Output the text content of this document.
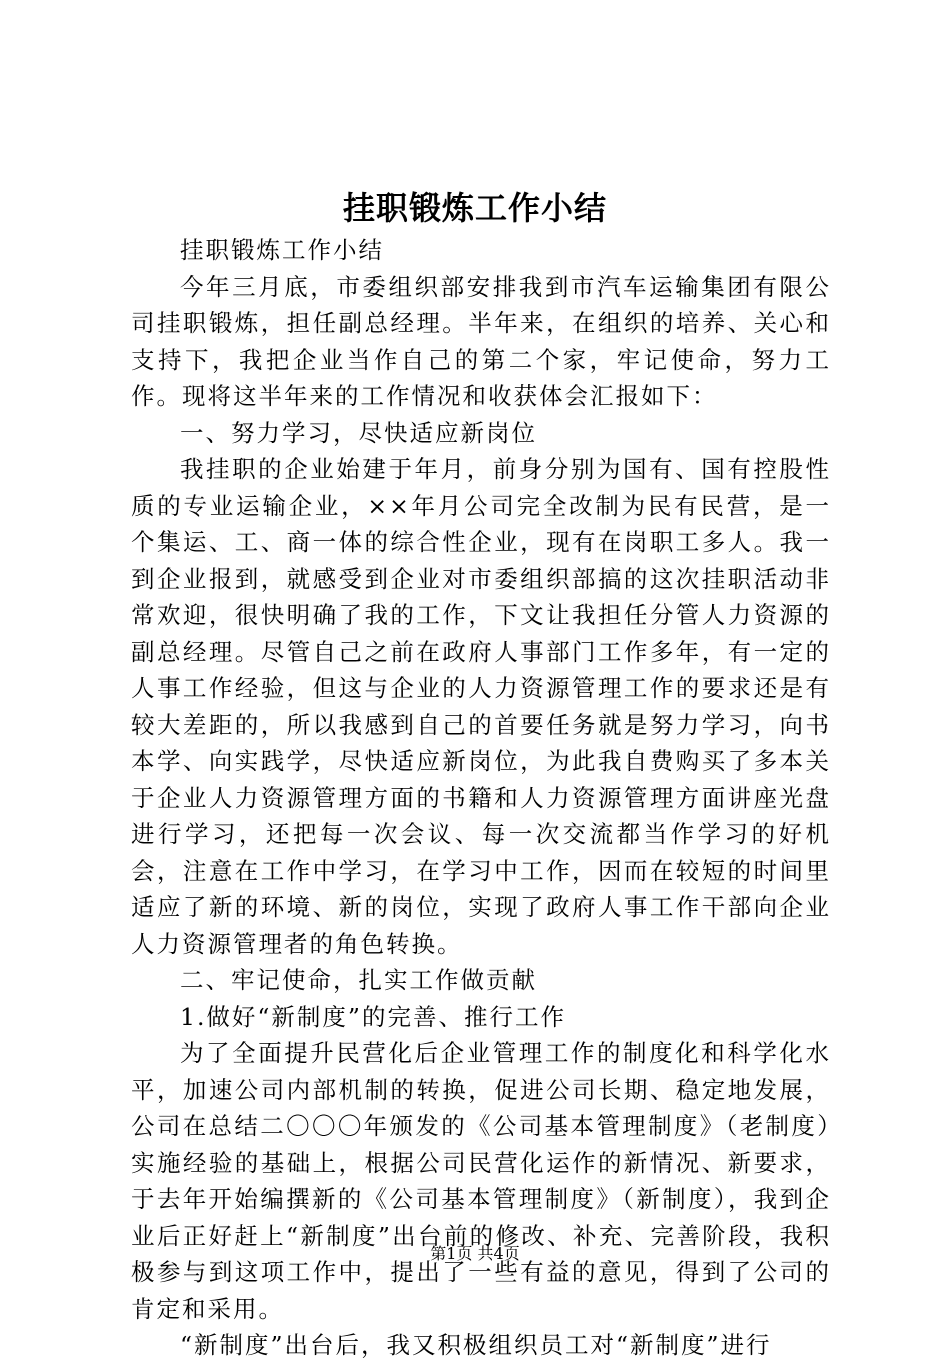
挂职锻炼工作小结

挂职锻炼工作小结

今年三月底，市委组织部安排我到市汽车运输集团有限公司挂职锻炼，担任副总经理。半年来，在组织的培养、关心和支持下，我把企业当作自己的第二个家，牢记使命，努力工作。现将这半年来的工作情况和收获体会汇报如下：

一、努力学习，尽快适应新岗位

我挂职的企业始建于年月，前身分别为国有、国有控股性质的专业运输企业，××年月公司完全改制为民有民营，是一个集运、工、商一体的综合性企业，现有在岗职工多人。我一到企业报到，就感受到企业对市委组织部搞的这次挂职活动非常欢迎，很快明确了我的工作，下文让我担任分管人力资源的副总经理。尽管自己之前在政府人事部门工作多年，有一定的人事工作经验，但这与企业的人力资源管理工作的要求还是有较大差距的，所以我感到自己的首要任务就是努力学习，向书本学、向实践学，尽快适应新岗位，为此我自费购买了多本关于企业人力资源管理方面的书籍和人力资源管理方面讲座光盘进行学习，还把每一次会议、每一次交流都当作学习的好机会，注意在工作中学习，在学习中工作，因而在较短的时间里适应了新的环境、新的岗位，实现了政府人事工作干部向企业人力资源管理者的角色转换。

二、牢记使命，扎实工作做贡献

1.做好“新制度”的完善、推行工作

为了全面提升民营化后企业管理工作的制度化和科学化水平，加速公司内部机制的转换，促进公司长期、稳定地发展，公司在总结二〇〇〇年颁发的《公司基本管理制度》（老制度）实施经验的基础上，根据公司民营化运作的新情况、新要求，于去年开始编撰新的《公司基本管理制度》（新制度），我到企业后正好赶上“新制度”出台前的修改、补充、完善阶段，我积极参与到这项工作中，提出了一些有益的意见，得到了公司的肯定和采用。

“新制度”出台后，我又积极组织员工对“新制度”进行

第1页 共4页
